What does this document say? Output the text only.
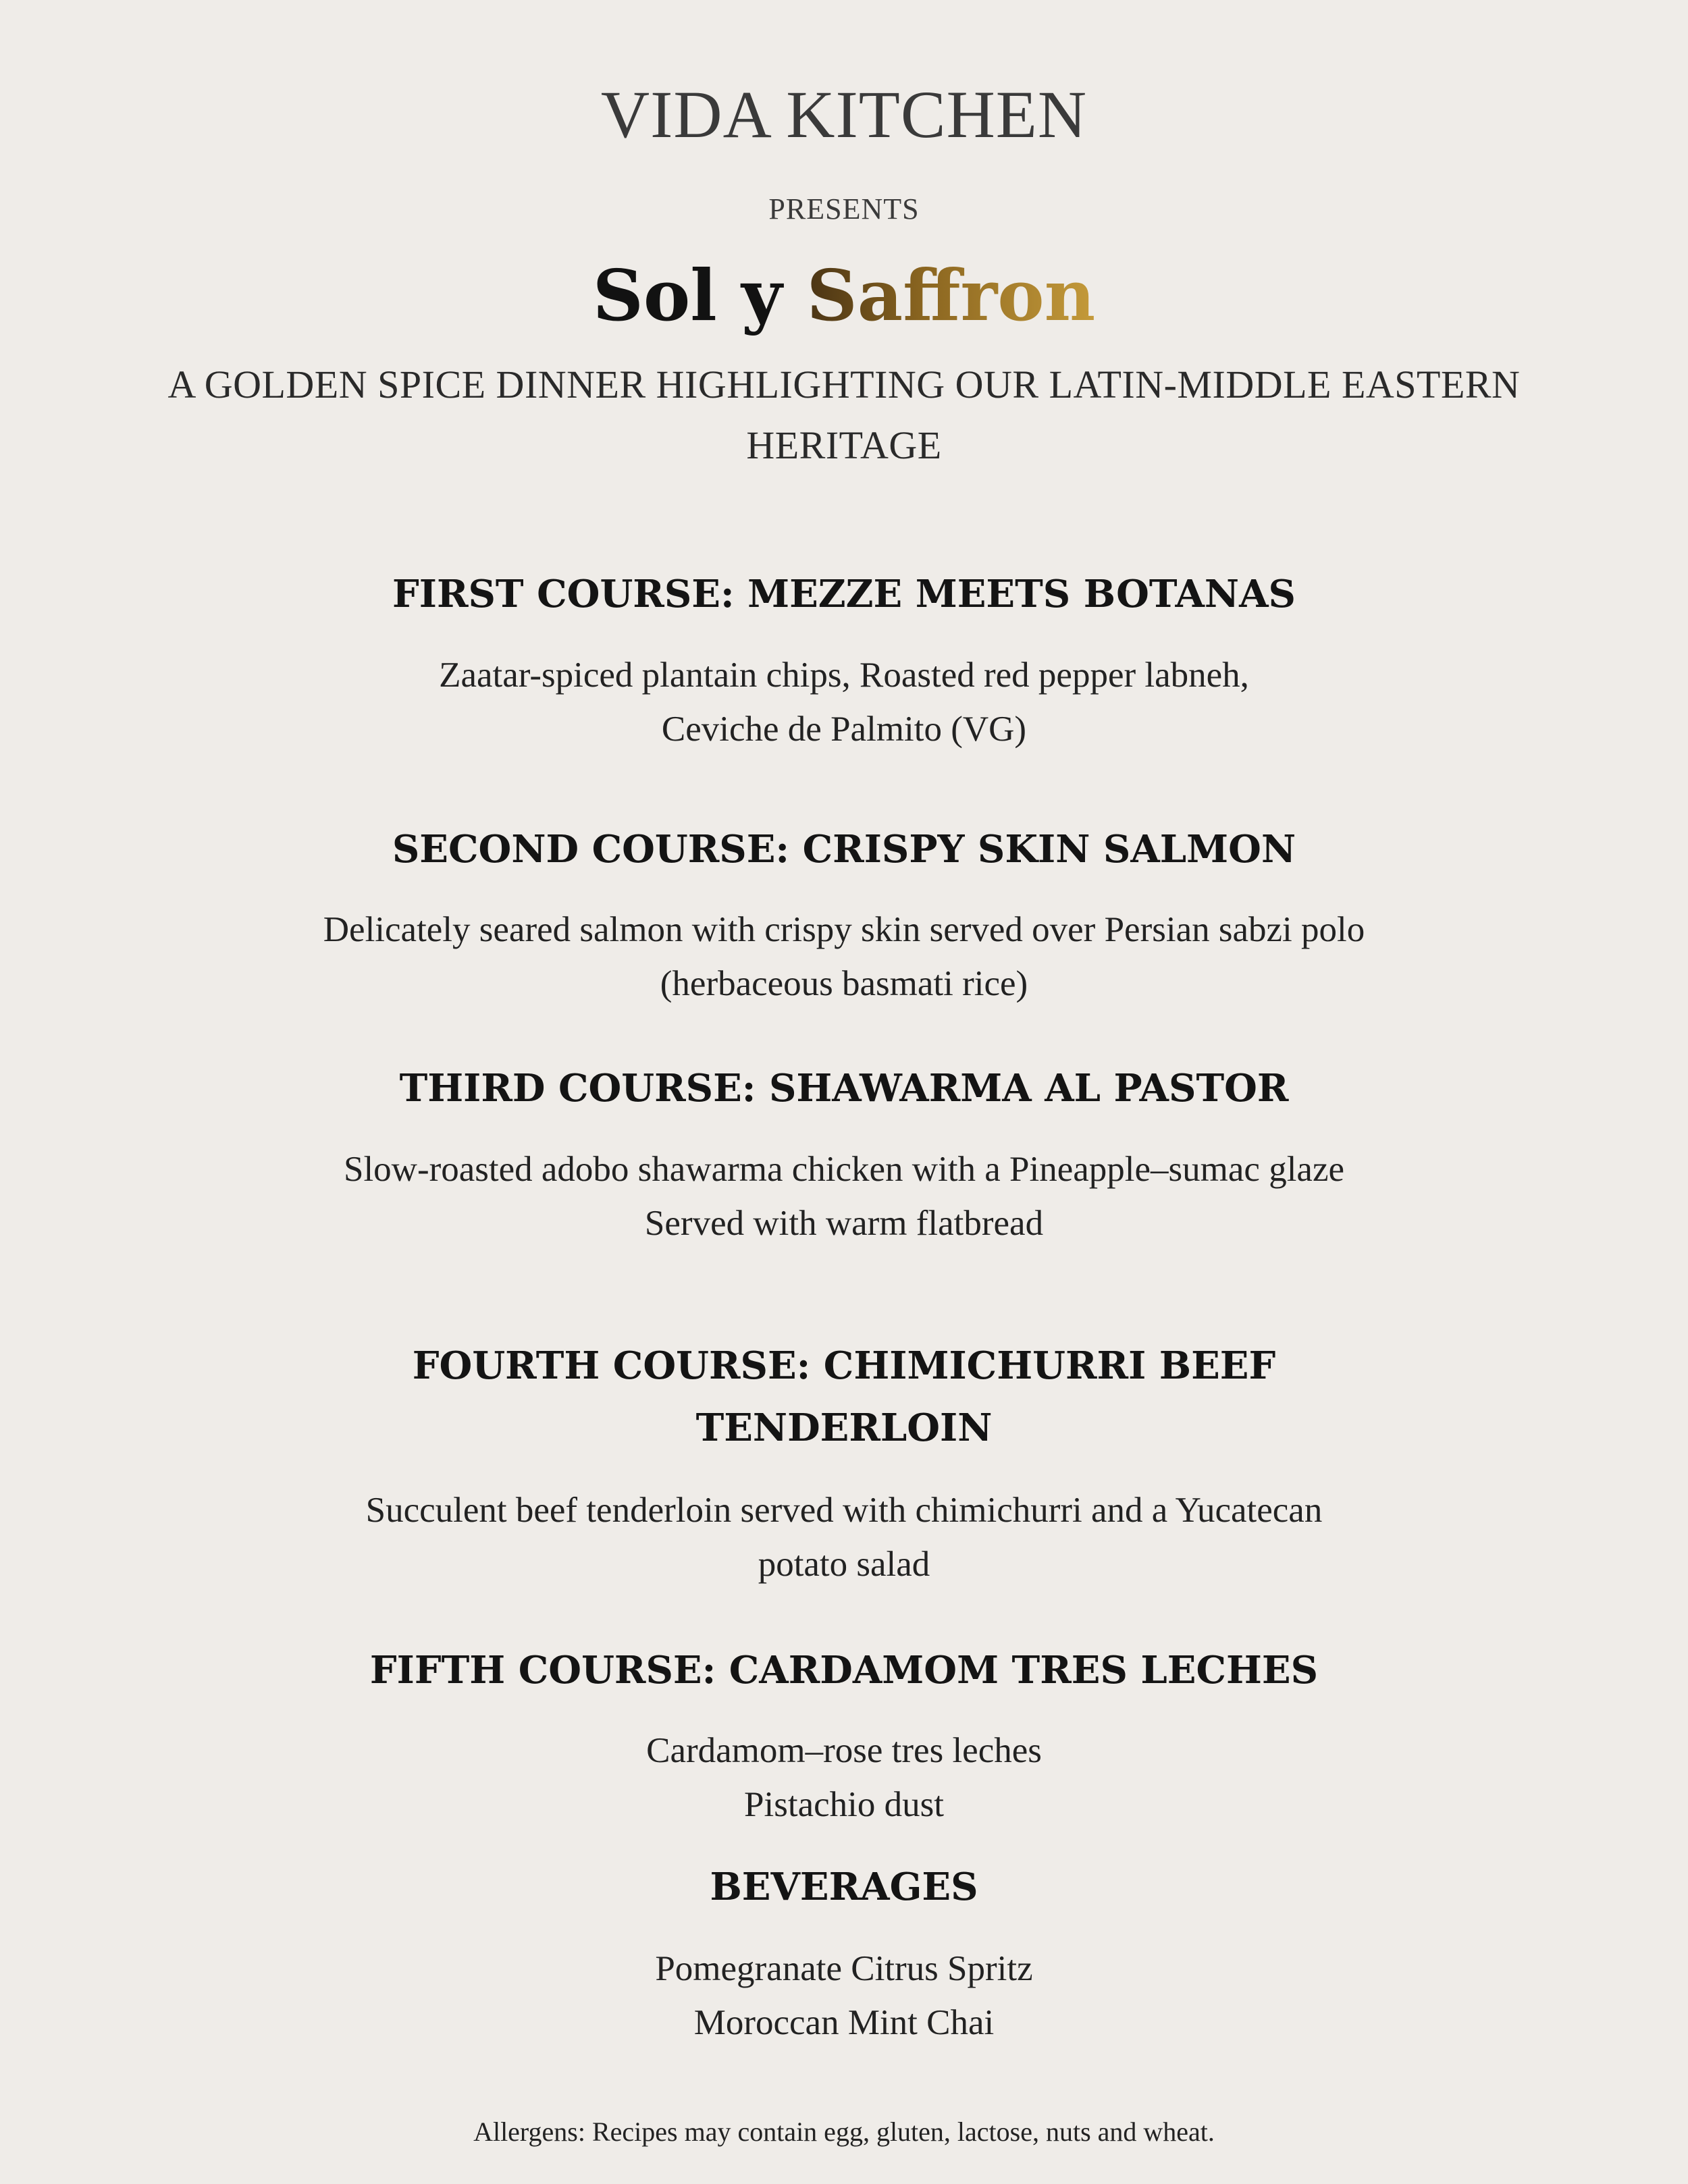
VIDA KITCHEN
PRESENTS
Sol y Saffron
A GOLDEN SPICE DINNER HIGHLIGHTING OUR LATIN-MIDDLE EASTERN
HERITAGE
FIRST COURSE: MEZZE MEETS BOTANAS
Zaatar-spiced plantain chips, Roasted red pepper labneh,
Ceviche de Palmito (VG)
SECOND COURSE: CRISPY SKIN SALMON
Delicately seared salmon with crispy skin served over Persian sabzi polo
(herbaceous basmati rice)
THIRD COURSE: SHAWARMA AL PASTOR
Slow-roasted adobo shawarma chicken with a Pineapple–sumac glaze
Served with warm flatbread
FOURTH COURSE: CHIMICHURRI BEEF
TENDERLOIN
Succulent beef tenderloin served with chimichurri and a Yucatecan
potato salad
FIFTH COURSE: CARDAMOM TRES LECHES
Cardamom–rose tres leches
Pistachio dust
BEVERAGES
Pomegranate Citrus Spritz
Moroccan Mint Chai
Allergens: Recipes may contain egg, gluten, lactose, nuts and wheat.
